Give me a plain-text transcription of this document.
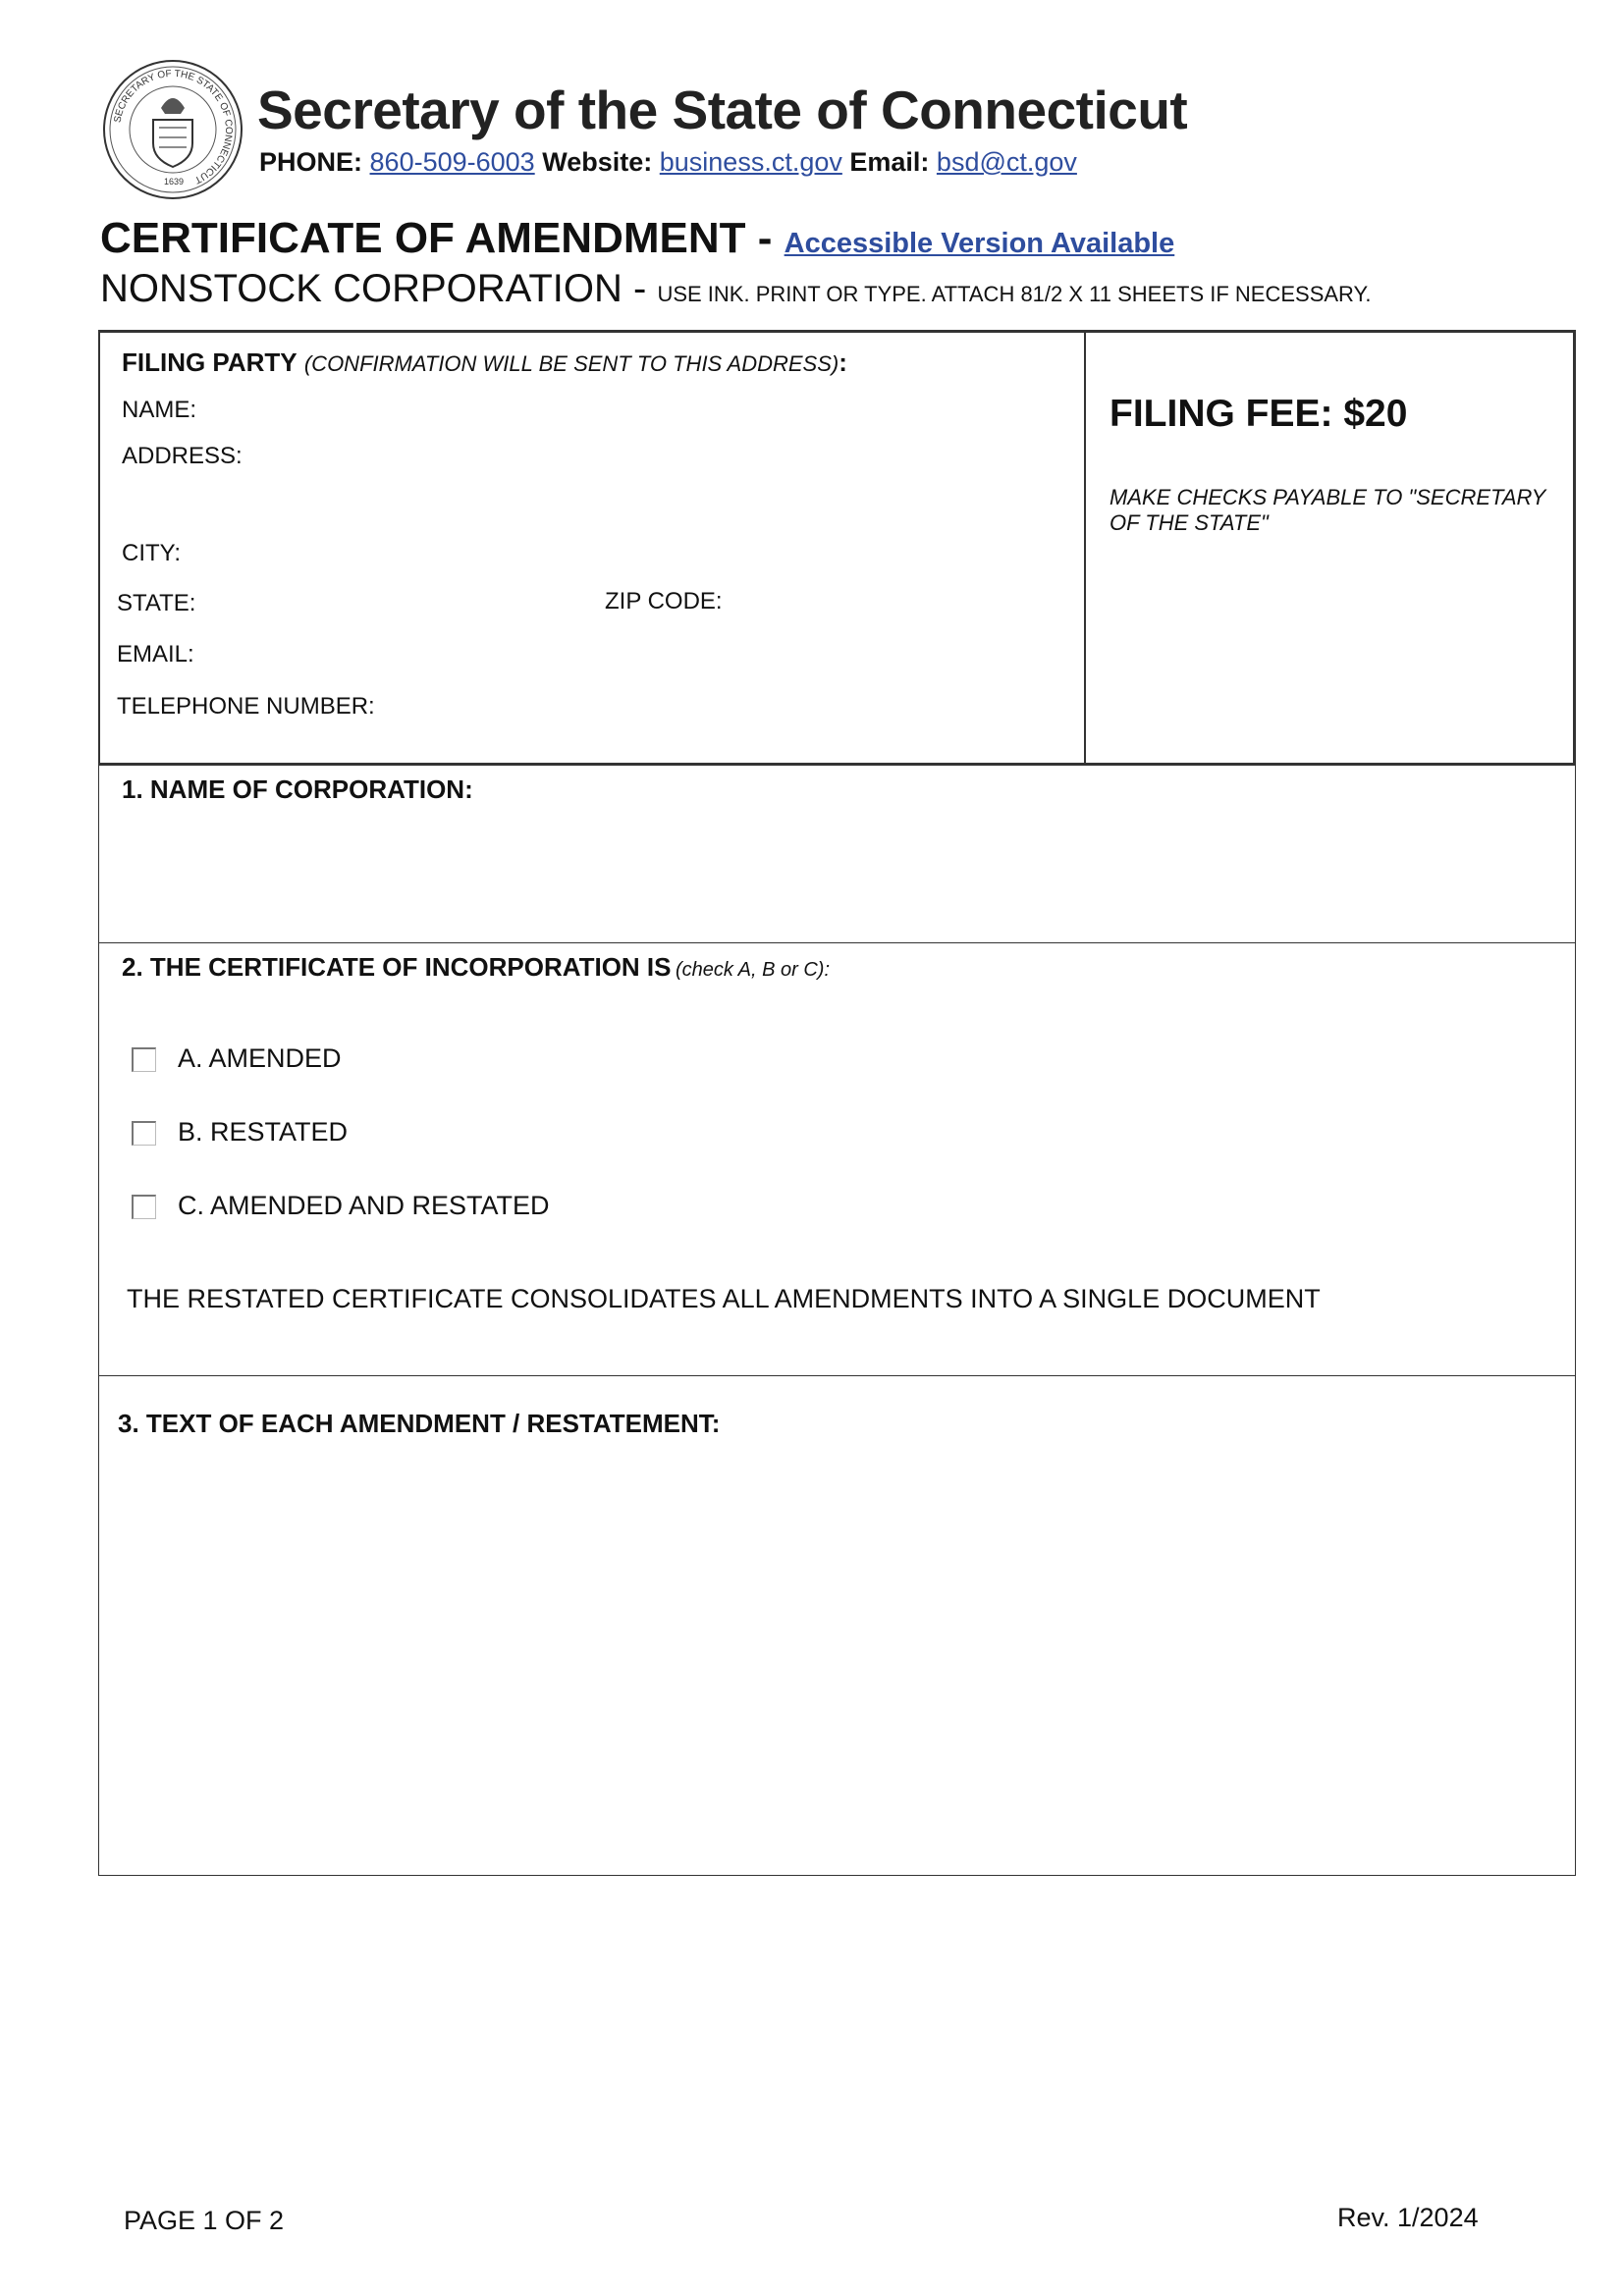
SECRETARY OF THE STATE OF CONNECTICUT
1639
Secretary of the State of Connecticut
PHONE: 860-509-6003 Website: business.ct.gov Email: bsd@ct.gov
CERTIFICATE OF AMENDMENT - Accessible Version Available
NONSTOCK CORPORATION - USE INK. PRINT OR TYPE. ATTACH 81/2 X 11 SHEETS IF NECESSARY.
FILING PARTY (CONFIRMATION WILL BE SENT TO THIS ADDRESS):
NAME:
ADDRESS:
CITY:
STATE:	ZIP CODE:
EMAIL:
TELEPHONE NUMBER:
FILING FEE: $20
MAKE CHECKS PAYABLE TO "SECRETARY
OF THE STATE"
1. NAME OF CORPORATION:
2. THE CERTIFICATE OF INCORPORATION IS (check A, B or C):
A. AMENDED
B. RESTATED
C. AMENDED AND RESTATED
THE RESTATED CERTIFICATE CONSOLIDATES ALL AMENDMENTS INTO A SINGLE DOCUMENT
3. TEXT OF EACH AMENDMENT / RESTATEMENT:
PAGE 1 OF 2	Rev. 1/2024
